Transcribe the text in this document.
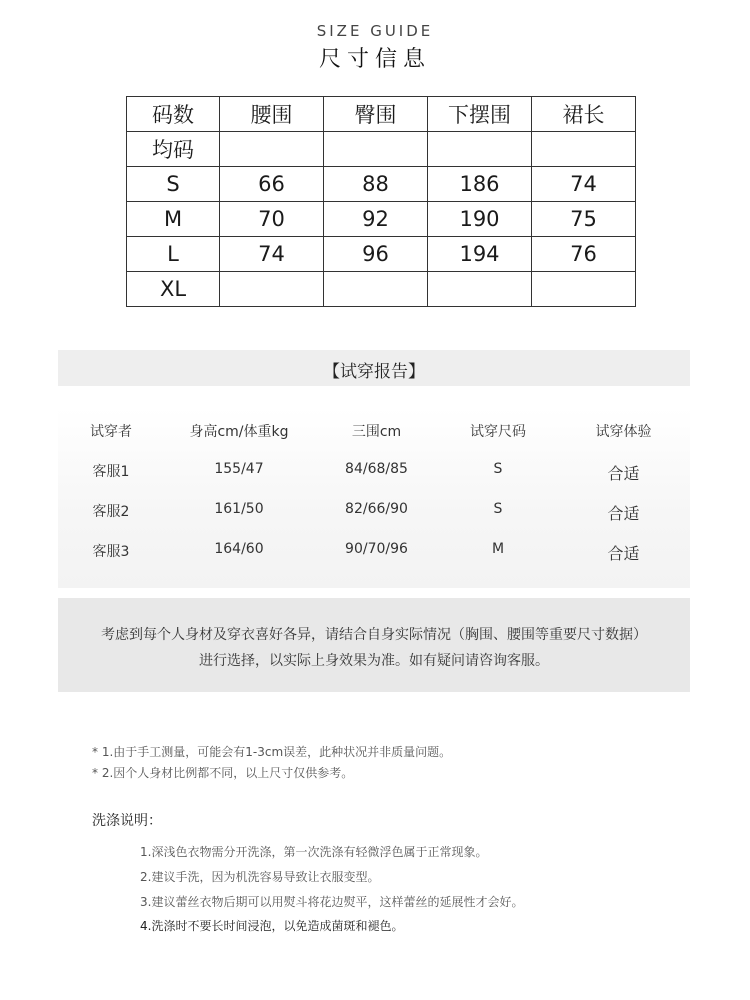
SIZE GUIDE
尺寸信息
码数	腰围	臀围	下摆围	裙长
均码				
S	66	88	186	74
M	70	92	190	75
L	74	96	194	76
XL				
【试穿报告】
试穿者	身高cm/体重kg	三围cm	试穿尺码	试穿体验
客服1	155/47	84/68/85	S	合适
客服2	161/50	82/66/90	S	合适
客服3	164/60	90/70/96	M	合适

考虑到每个人身材及穿衣喜好各异，请结合自身实际情况（胸围、腰围等重要尺寸数据）

进行选择，以实际上身效果为准。如有疑问请咨询客服。

* 1.由于手工测量，可能会有1-3cm误差，此种状况并非质量问题。
* 2.因个人身材比例都不同，以上尺寸仅供参考。
洗涤说明：
1.深浅色衣物需分开洗涤，第一次洗涤有轻微浮色属于正常现象。
2.建议手洗，因为机洗容易导致让衣服变型。
3.建议蕾丝衣物后期可以用熨斗将花边熨平，这样蕾丝的延展性才会好。
4.洗涤时不要长时间浸泡，以免造成菌斑和褪色。
